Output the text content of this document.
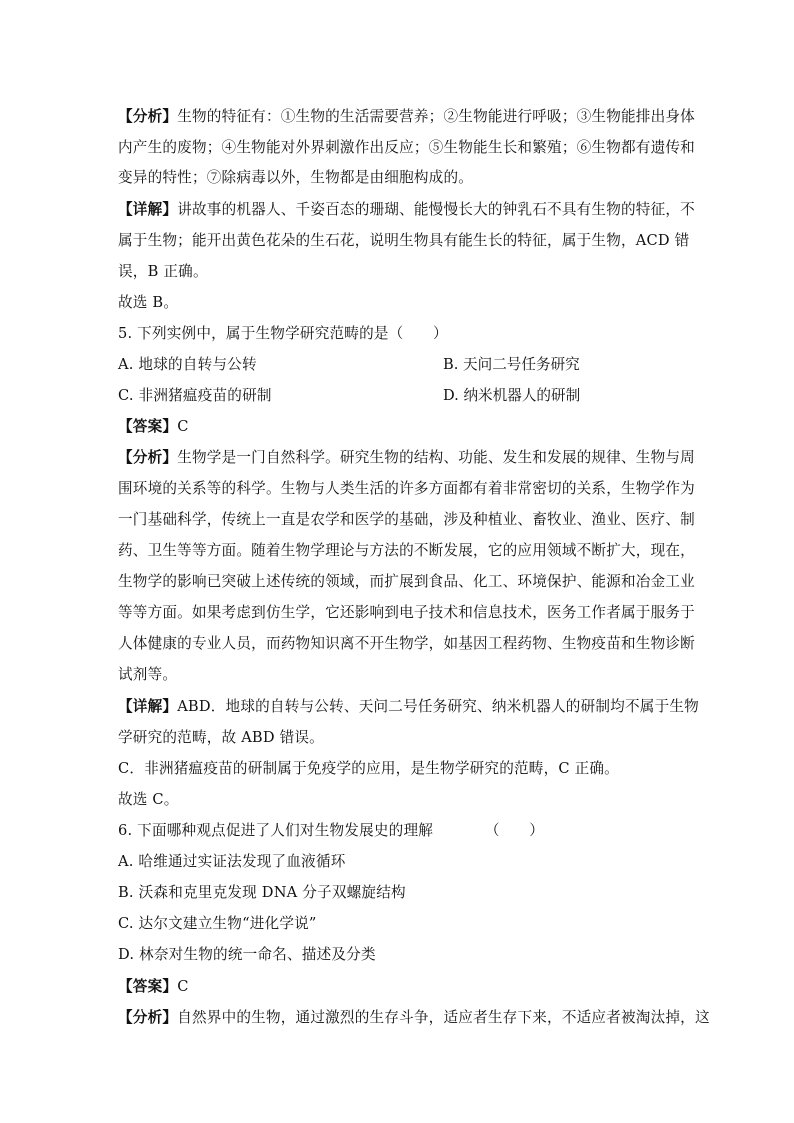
【分析】生物的特征有：①生物的生活需要营养；②生物能进行呼吸；③生物能排出身体
内产生的废物；④生物能对外界刺激作出反应；⑤生物能生长和繁殖；⑥生物都有遗传和
变异的特性；⑦除病毒以外，生物都是由细胞构成的。
【详解】讲故事的机器人、千姿百态的珊瑚、能慢慢长大的钟乳石不具有生物的特征，不
属于生物；能开出黄色花朵的生石花，说明生物具有能生长的特征，属于生物，ACD 错
误，B 正确。
故选 B。
5. 下列实例中，属于生物学研究范畴的是（　　）
A. 地球的自转与公转	B. 天问二号任务研究
C. 非洲猪瘟疫苗的研制	D. 纳米机器人的研制
【答案】C
【分析】生物学是一门自然科学。研究生物的结构、功能、发生和发展的规律、生物与周
围环境的关系等的科学。生物与人类生活的许多方面都有着非常密切的关系，生物学作为
一门基础科学，传统上一直是农学和医学的基础，涉及种植业、畜牧业、渔业、医疗、制
药、卫生等等方面。随着生物学理论与方法的不断发展，它的应用领域不断扩大，现在，
生物学的影响已突破上述传统的领域，而扩展到食品、化工、环境保护、能源和冶金工业
等等方面。如果考虑到仿生学，它还影响到电子技术和信息技术，医务工作者属于服务于
人体健康的专业人员，而药物知识离不开生物学，如基因工程药物、生物疫苗和生物诊断
试剂等。
【详解】ABD．地球的自转与公转、天问二号任务研究、纳米机器人的研制均不属于生物
学研究的范畴，故 ABD 错误。
C．非洲猪瘟疫苗的研制属于免疫学的应用，是生物学研究的范畴，C 正确。
故选 C。
6. 下面哪种观点促进了人们对生物发展史的理解　　　　（　　）
A. 哈维通过实证法发现了血液循环
B. 沃森和克里克发现 DNA 分子双螺旋结构
C. 达尔文建立生物“进化学说”
D. 林奈对生物的统一命名、描述及分类
【答案】C
【分析】自然界中的生物，通过激烈的生存斗争，适应者生存下来，不适应者被淘汰掉，这
